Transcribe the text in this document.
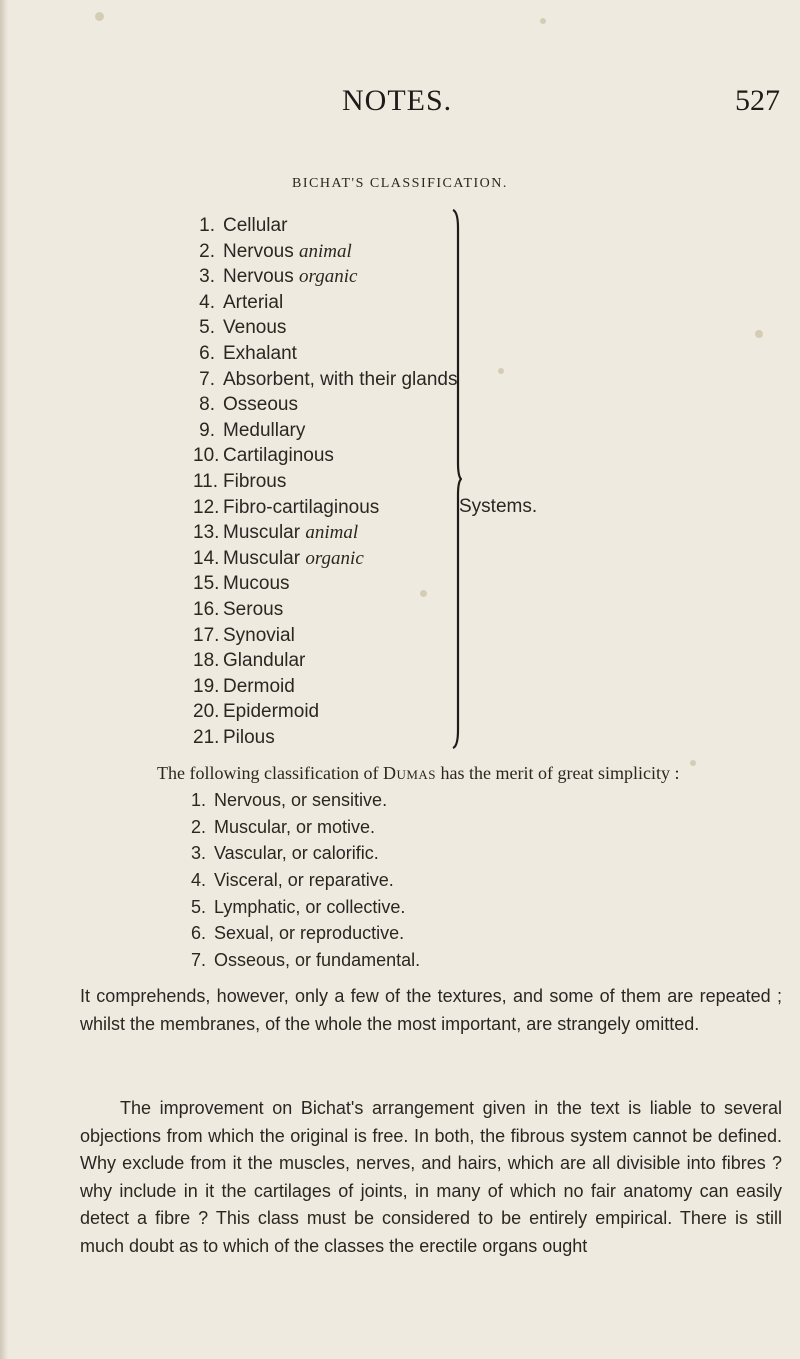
NOTES.	527
BICHAT'S CLASSIFICATION.
1. Cellular
2. Nervous animal
3. Nervous organic
4. Arterial
5. Venous
6. Exhalant
7. Absorbent, with their glands
8. Osseous
9. Medullary
10. Cartilaginous
11. Fibrous
12. Fibro-cartilaginous
13. Muscular animal
14. Muscular organic
15. Mucous
16. Serous
17. Synovial
18. Glandular
19. Dermoid
20. Epidermoid
21. Pilous
Systems.
The following classification of Dumas has the merit of great simplicity :
1. Nervous, or sensitive.
2. Muscular, or motive.
3. Vascular, or calorific.
4. Visceral, or reparative.
5. Lymphatic, or collective.
6. Sexual, or reproductive.
7. Osseous, or fundamental.

It comprehends, however, only a few of the textures, and some of them are repeated ; whilst the membranes, of the whole the most important, are strangely omitted.

The improvement on Bichat's arrangement given in the text is liable to several objections from which the original is free. In both, the fibrous system cannot be defined. Why exclude from it the muscles, nerves, and hairs, which are all divisible into fibres ? why include in it the cartilages of joints, in many of which no fair anatomy can easily detect a fibre ? This class must be considered to be entirely empirical. There is still much doubt as to which of the classes the erectile organs ought
